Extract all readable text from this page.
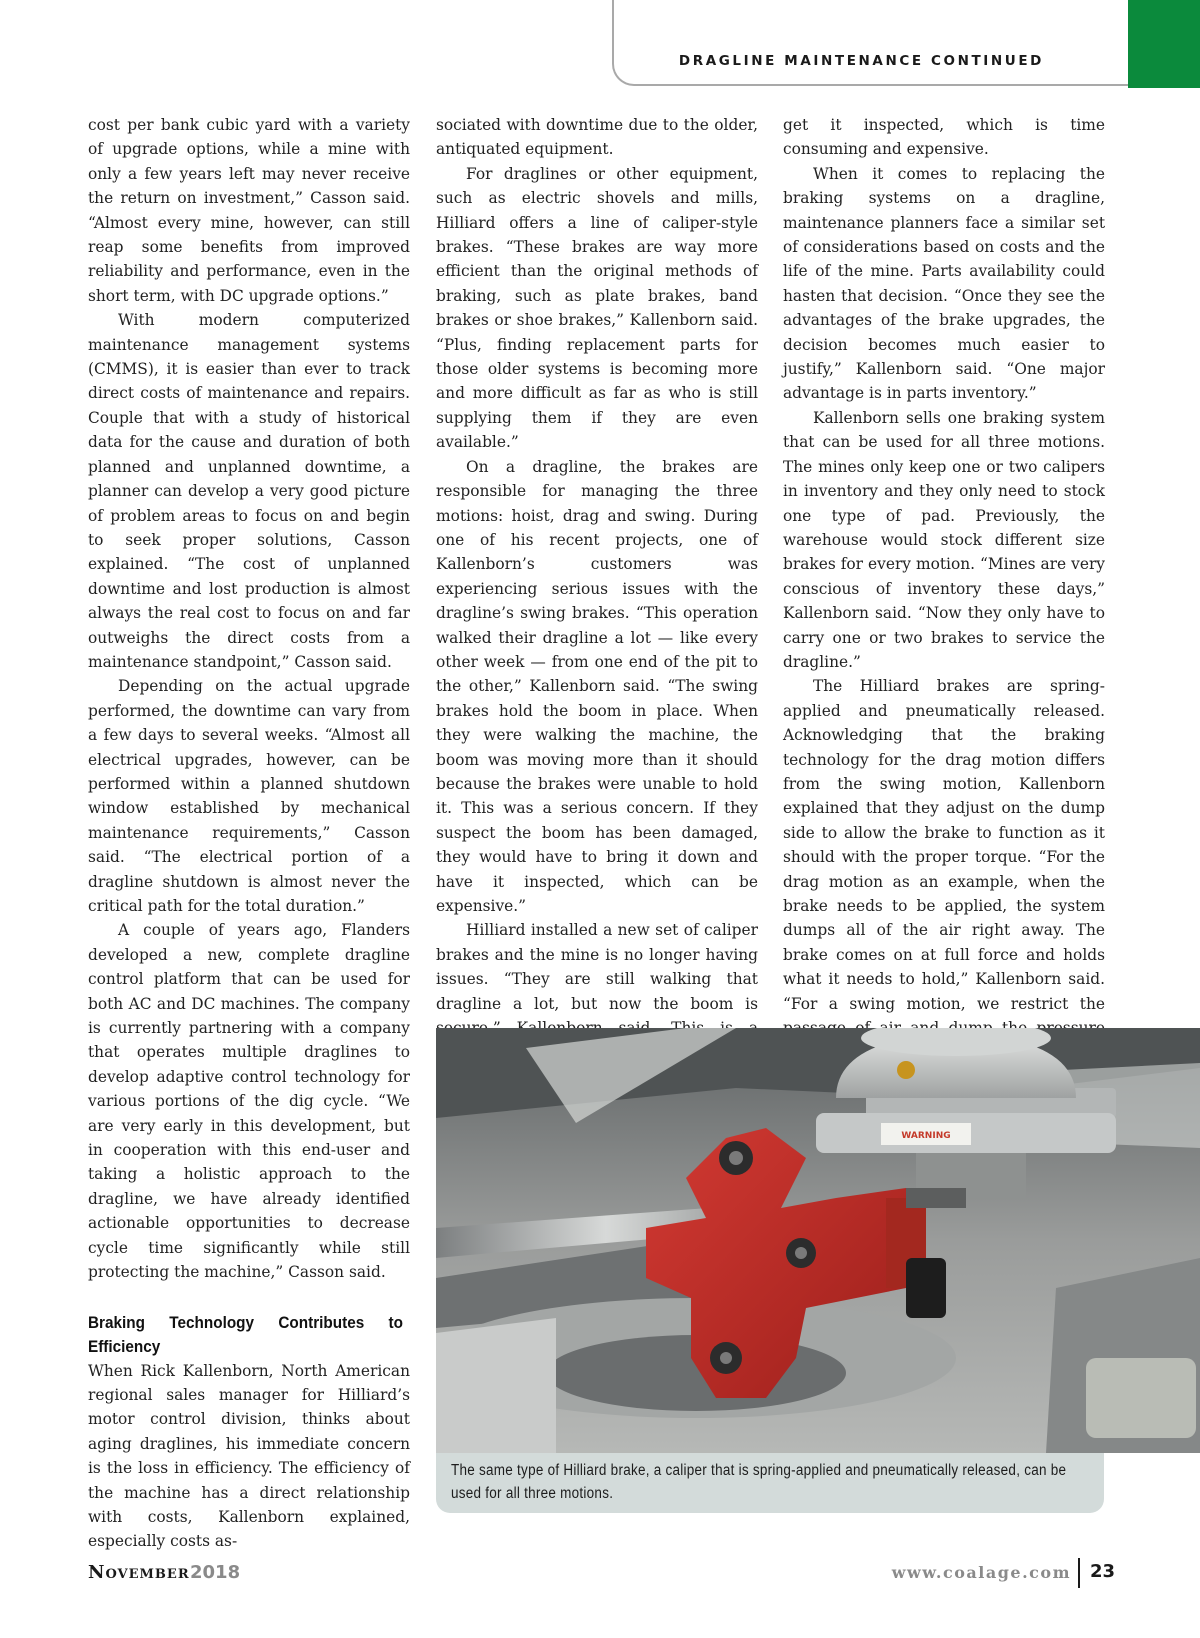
DRAGLINE MAINTENANCE CONTINUED

cost per bank cubic yard with a variety of upgrade options, while a mine with only a few years left may never receive the return on investment,” Casson said. “Almost every mine, however, can still reap some benefits from improved reliability and performance, even in the short term, with DC upgrade options.”

With modern computerized maintenance management systems (CMMS), it is easier than ever to track direct costs of maintenance and repairs. Couple that with a study of historical data for the cause and duration of both planned and unplanned downtime, a planner can develop a very good picture of problem areas to focus on and begin to seek proper solutions, Casson explained. “The cost of unplanned downtime and lost production is almost always the real cost to focus on and far outweighs the direct costs from a maintenance standpoint,” Casson said.

Depending on the actual upgrade performed, the downtime can vary from a few days to several weeks. “Almost all electrical upgrades, however, can be performed within a planned shutdown window established by mechanical maintenance requirements,” Casson said. “The electrical portion of a dragline shutdown is almost never the critical path for the total duration.”

A couple of years ago, Flanders developed a new, complete dragline control platform that can be used for both AC and DC machines. The company is currently partnering with a company that operates multiple draglines to develop adaptive control technology for various portions of the dig cycle. “We are very early in this development, but in cooperation with this end-user and taking a holistic approach to the dragline, we have already identified actionable opportunities to decrease cycle time significantly while still protecting the machine,” Casson said.

Braking Technology Contributes to Efficiency

When Rick Kallenborn, North American regional sales manager for Hilliard’s motor control division, thinks about aging draglines, his immediate concern is the loss in efficiency. The efficiency of the machine has a direct relationship with costs, Kallenborn explained, especially costs as-

sociated with downtime due to the older, antiquated equipment.

For draglines or other equipment, such as electric shovels and mills, Hilliard offers a line of caliper-style brakes. “These brakes are way more efficient than the original methods of braking, such as plate brakes, band brakes or shoe brakes,” Kallenborn said. “Plus, finding replacement parts for those older systems is becoming more and more difficult as far as who is still supplying them if they are even available.”

On a dragline, the brakes are responsible for managing the three motions: hoist, drag and swing. During one of his recent projects, one of Kallenborn’s customers was experiencing serious issues with the dragline’s swing brakes. “This operation walked their dragline a lot — like every other week — from one end of the pit to the other,” Kallenborn said. “The swing brakes hold the boom in place. When they were walking the machine, the boom was moving more than it should because the brakes were unable to hold it. This was a serious concern. If they suspect the boom has been damaged, they would have to bring it down and have it inspected, which can be expensive.”

Hilliard installed a new set of caliper brakes and the mine is no longer having issues. “They are still walking that dragline a lot, but now the boom is

get it inspected, which is time consuming and expensive.

When it comes to replacing the braking systems on a dragline, maintenance planners face a similar set of considerations based on costs and the life of the mine. Parts availability could hasten that decision. “Once they see the advantages of the brake upgrades, the decision becomes much easier to justify,” Kallenborn said. “One major advantage is in parts inventory.”

Kallenborn sells one braking system that can be used for all three motions. The mines only keep one or two calipers in inventory and they only need to stock one type of pad. Previously, the warehouse would stock different size brakes for every motion. “Mines are very conscious of inventory these days,” Kallenborn said. “Now they only have to carry one or two brakes to service the dragline.”

The Hilliard brakes are spring-applied and pneumatically released. Acknowledging that the braking technology for the drag motion differs from the swing motion, Kallenborn explained that they adjust on the dump side to allow the brake to function as it should with the proper torque. “For the drag motion as an example, when the brake needs to be applied, the system dumps all of the air right away. The brake comes on at full force and holds what it needs to hold,” Kallenborn said. “For a swing motion, we restrict the

WARNING
The same type of Hilliard brake, a caliper that is spring-applied and pneumatically released, can be used for all three motions.
November 2018	www.coalage.com 23
